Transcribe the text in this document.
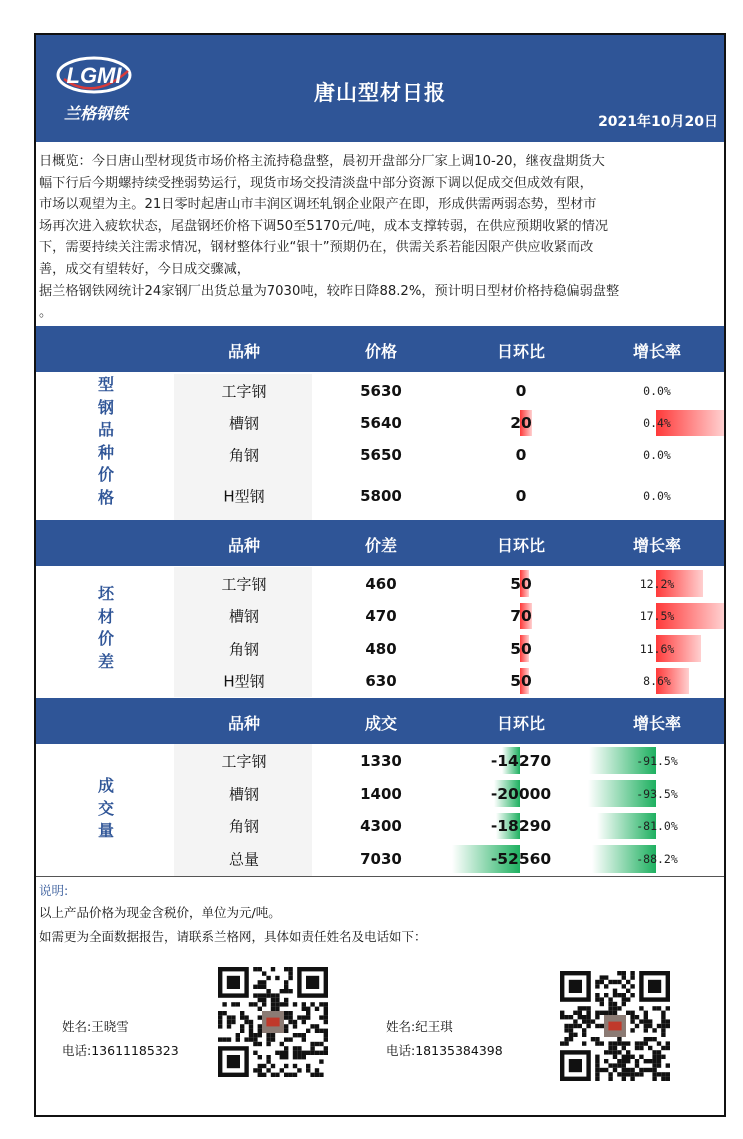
LGMI
兰格钢铁
唐山型材日报
2021年10月20日
日概览：今日唐山型材现货市场价格主流持稳盘整，晨初开盘部分厂家上调10-20，继夜盘期货大
幅下行后今期螺持续受挫弱势运行，现货市场交投清淡盘中部分资源下调以促成交但成效有限，
市场以观望为主。21日零时起唐山市丰润区调坯轧钢企业限产在即，形成供需两弱态势，型材市
场再次进入疲软状态，尾盘钢坯价格下调50至5170元/吨，成本支撑转弱，在供应预期收紧的情况
下，需要持续关注需求情况，钢材整体行业“银十”预期仍在，供需关系若能因限产供应收紧而改
善，成交有望转好，今日成交骤减，
据兰格钢铁网统计24家钢厂出货总量为7030吨，较昨日降88.2%，预计明日型材价格持稳偏弱盘整
。
品种	价格	日环比	增长率
型
钢
品
种
价
格
工字钢	5630	0	0.0%
槽钢	5640	20	0.4%
角钢	5650	0	0.0%
H型钢	5800	0	0.0%
品种	价差	日环比	增长率
坯
材
价
差
工字钢	460	50	12.2%
槽钢	470	70	17.5%
角钢	480	50	11.6%
H型钢	630	50	8.6%
品种	成交	日环比	增长率
成
交
量
工字钢	1330	-14270	-91.5%
槽钢	1400	-20000	-93.5%
角钢	4300	-18290	-81.0%
总量	7030	-52560	-88.2%
说明:
以上产品价格为现金含税价，单位为元/吨。
如需更为全面数据报告，请联系兰格网，具体如责任姓名及电话如下：
姓名:王晓雪
电话:13611185323
姓名:纪王琪
电话:18135384398
